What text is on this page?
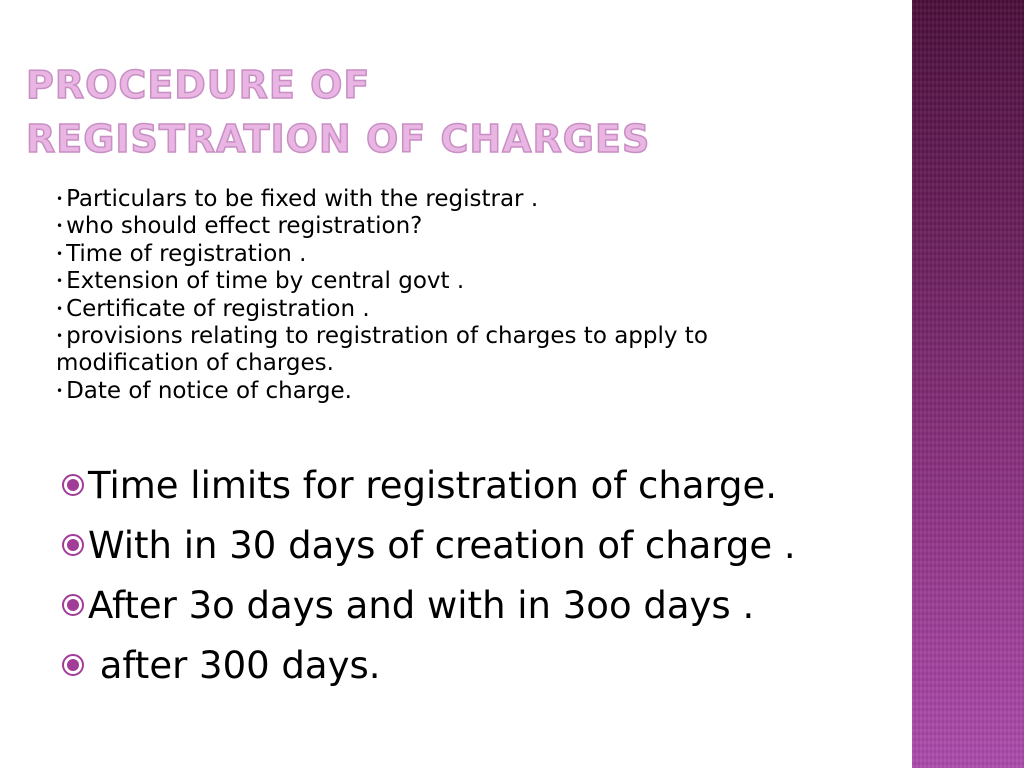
PROCEDURE OF
REGISTRATION OF CHARGES
• Particulars to be fixed with the registrar .
• who should effect registration?
• Time of registration .
• Extension of time by central govt .
• Certificate of registration .
• provisions relating to registration of charges to apply to modification of charges.
• Date of notice of charge.
Time limits for registration of charge.
With in 30 days of creation of charge .
After 3o days and with in 3oo days .
after 300 days.
